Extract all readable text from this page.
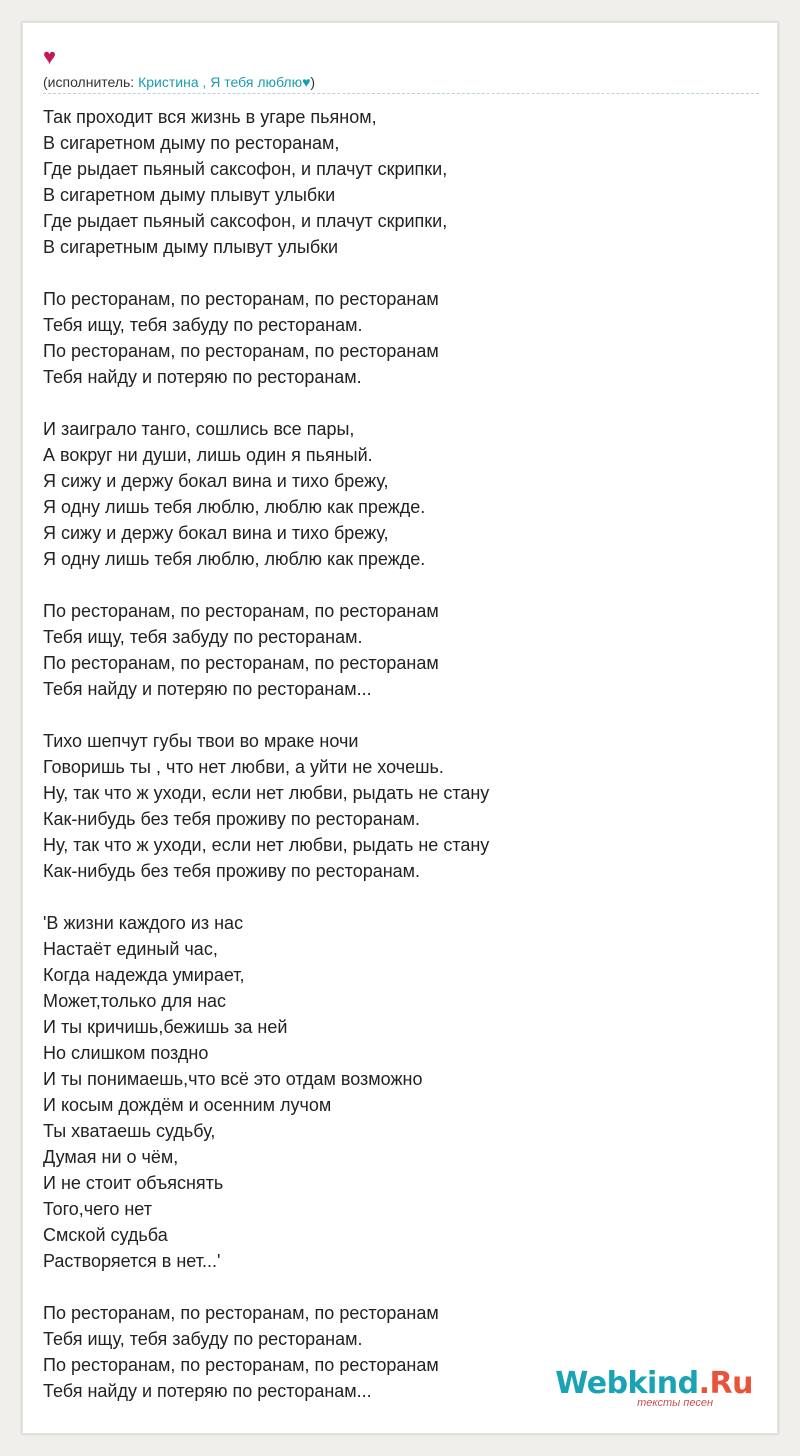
♥
(исполнитель: Кристина , Я тебя люблю♥)
Так проходит вся жизнь в угаре пьяном,
В сигаретном дыму по ресторанам,
Где рыдает пьяный саксофон, и плачут скрипки,
В сигаретном дыму плывут улыбки
Где рыдает пьяный саксофон, и плачут скрипки,
В сигаретным дыму плывут улыбки
По ресторанам, по ресторанам, по ресторанам
Тебя ищу, тебя забуду по ресторанам.
По ресторанам, по ресторанам, по ресторанам
Тебя найду и потеряю по ресторанам.
И заиграло танго, сошлись все пары,
А вокруг ни души, лишь один я пьяный.
Я сижу и держу бокал вина и тихо брежу,
Я одну лишь тебя люблю, люблю как прежде.
Я сижу и держу бокал вина и тихо брежу,
Я одну лишь тебя люблю, люблю как прежде.
По ресторанам, по ресторанам, по ресторанам
Тебя ищу, тебя забуду по ресторанам.
По ресторанам, по ресторанам, по ресторанам
Тебя найду и потеряю по ресторанам...
Тихо шепчут губы твои во мраке ночи
Говоришь ты , что нет любви, а уйти не хочешь.
Ну, так что ж уходи, если нет любви, рыдать не стану
Как-нибудь без тебя проживу по ресторанам.
Ну, так что ж уходи, если нет любви, рыдать не стану
Как-нибудь без тебя проживу по ресторанам.
'В жизни каждого из нас
Настаёт единый час,
Когда надежда умирает,
Может,только для нас
И ты кричишь,бежишь за ней
Но слишком поздно
И ты понимаешь,что всё это отдам возможно
И косым дождём и осенним лучом
Ты хватаешь судьбу,
Думая ни о чём,
И не стоит объяснять
Того,чего нет
Смской судьба
Растворяется в нет...'
По ресторанам, по ресторанам, по ресторанам
Тебя ищу, тебя забуду по ресторанам.
По ресторанам, по ресторанам, по ресторанам
Тебя найду и потеряю по ресторанам...	Webkind.Ru
тексты песен
